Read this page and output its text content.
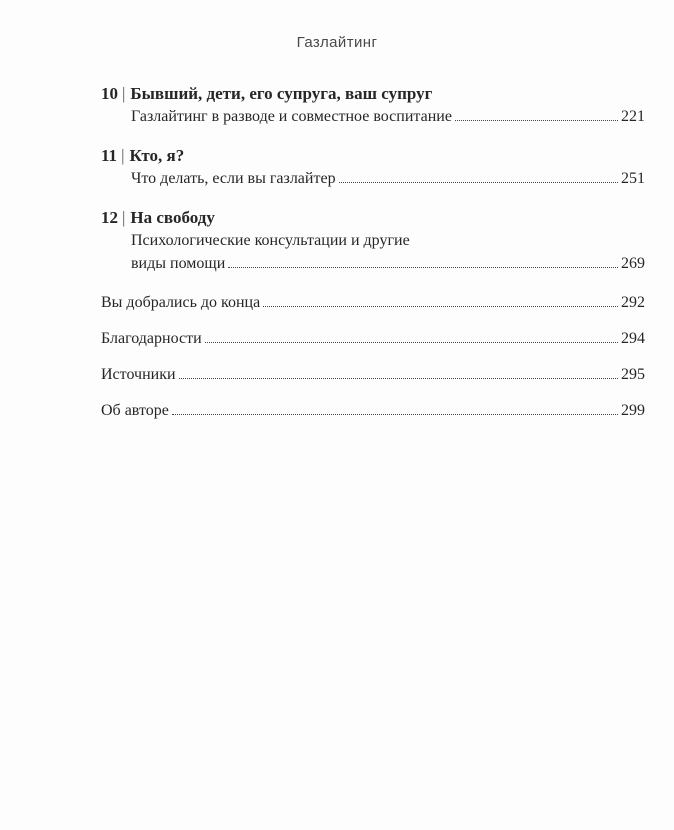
Газлайтинг
10 | Бывший, дети, его супруга, ваш супруг
Газлайтинг в разводе и совместное воспитание	221
11 | Кто, я?
Что делать, если вы газлайтер	251
12 | На свободу
Психологические консультации и другие
виды помощи	269
Вы добрались до конца	292
Благодарности	294
Источники	295
Об авторе	299
